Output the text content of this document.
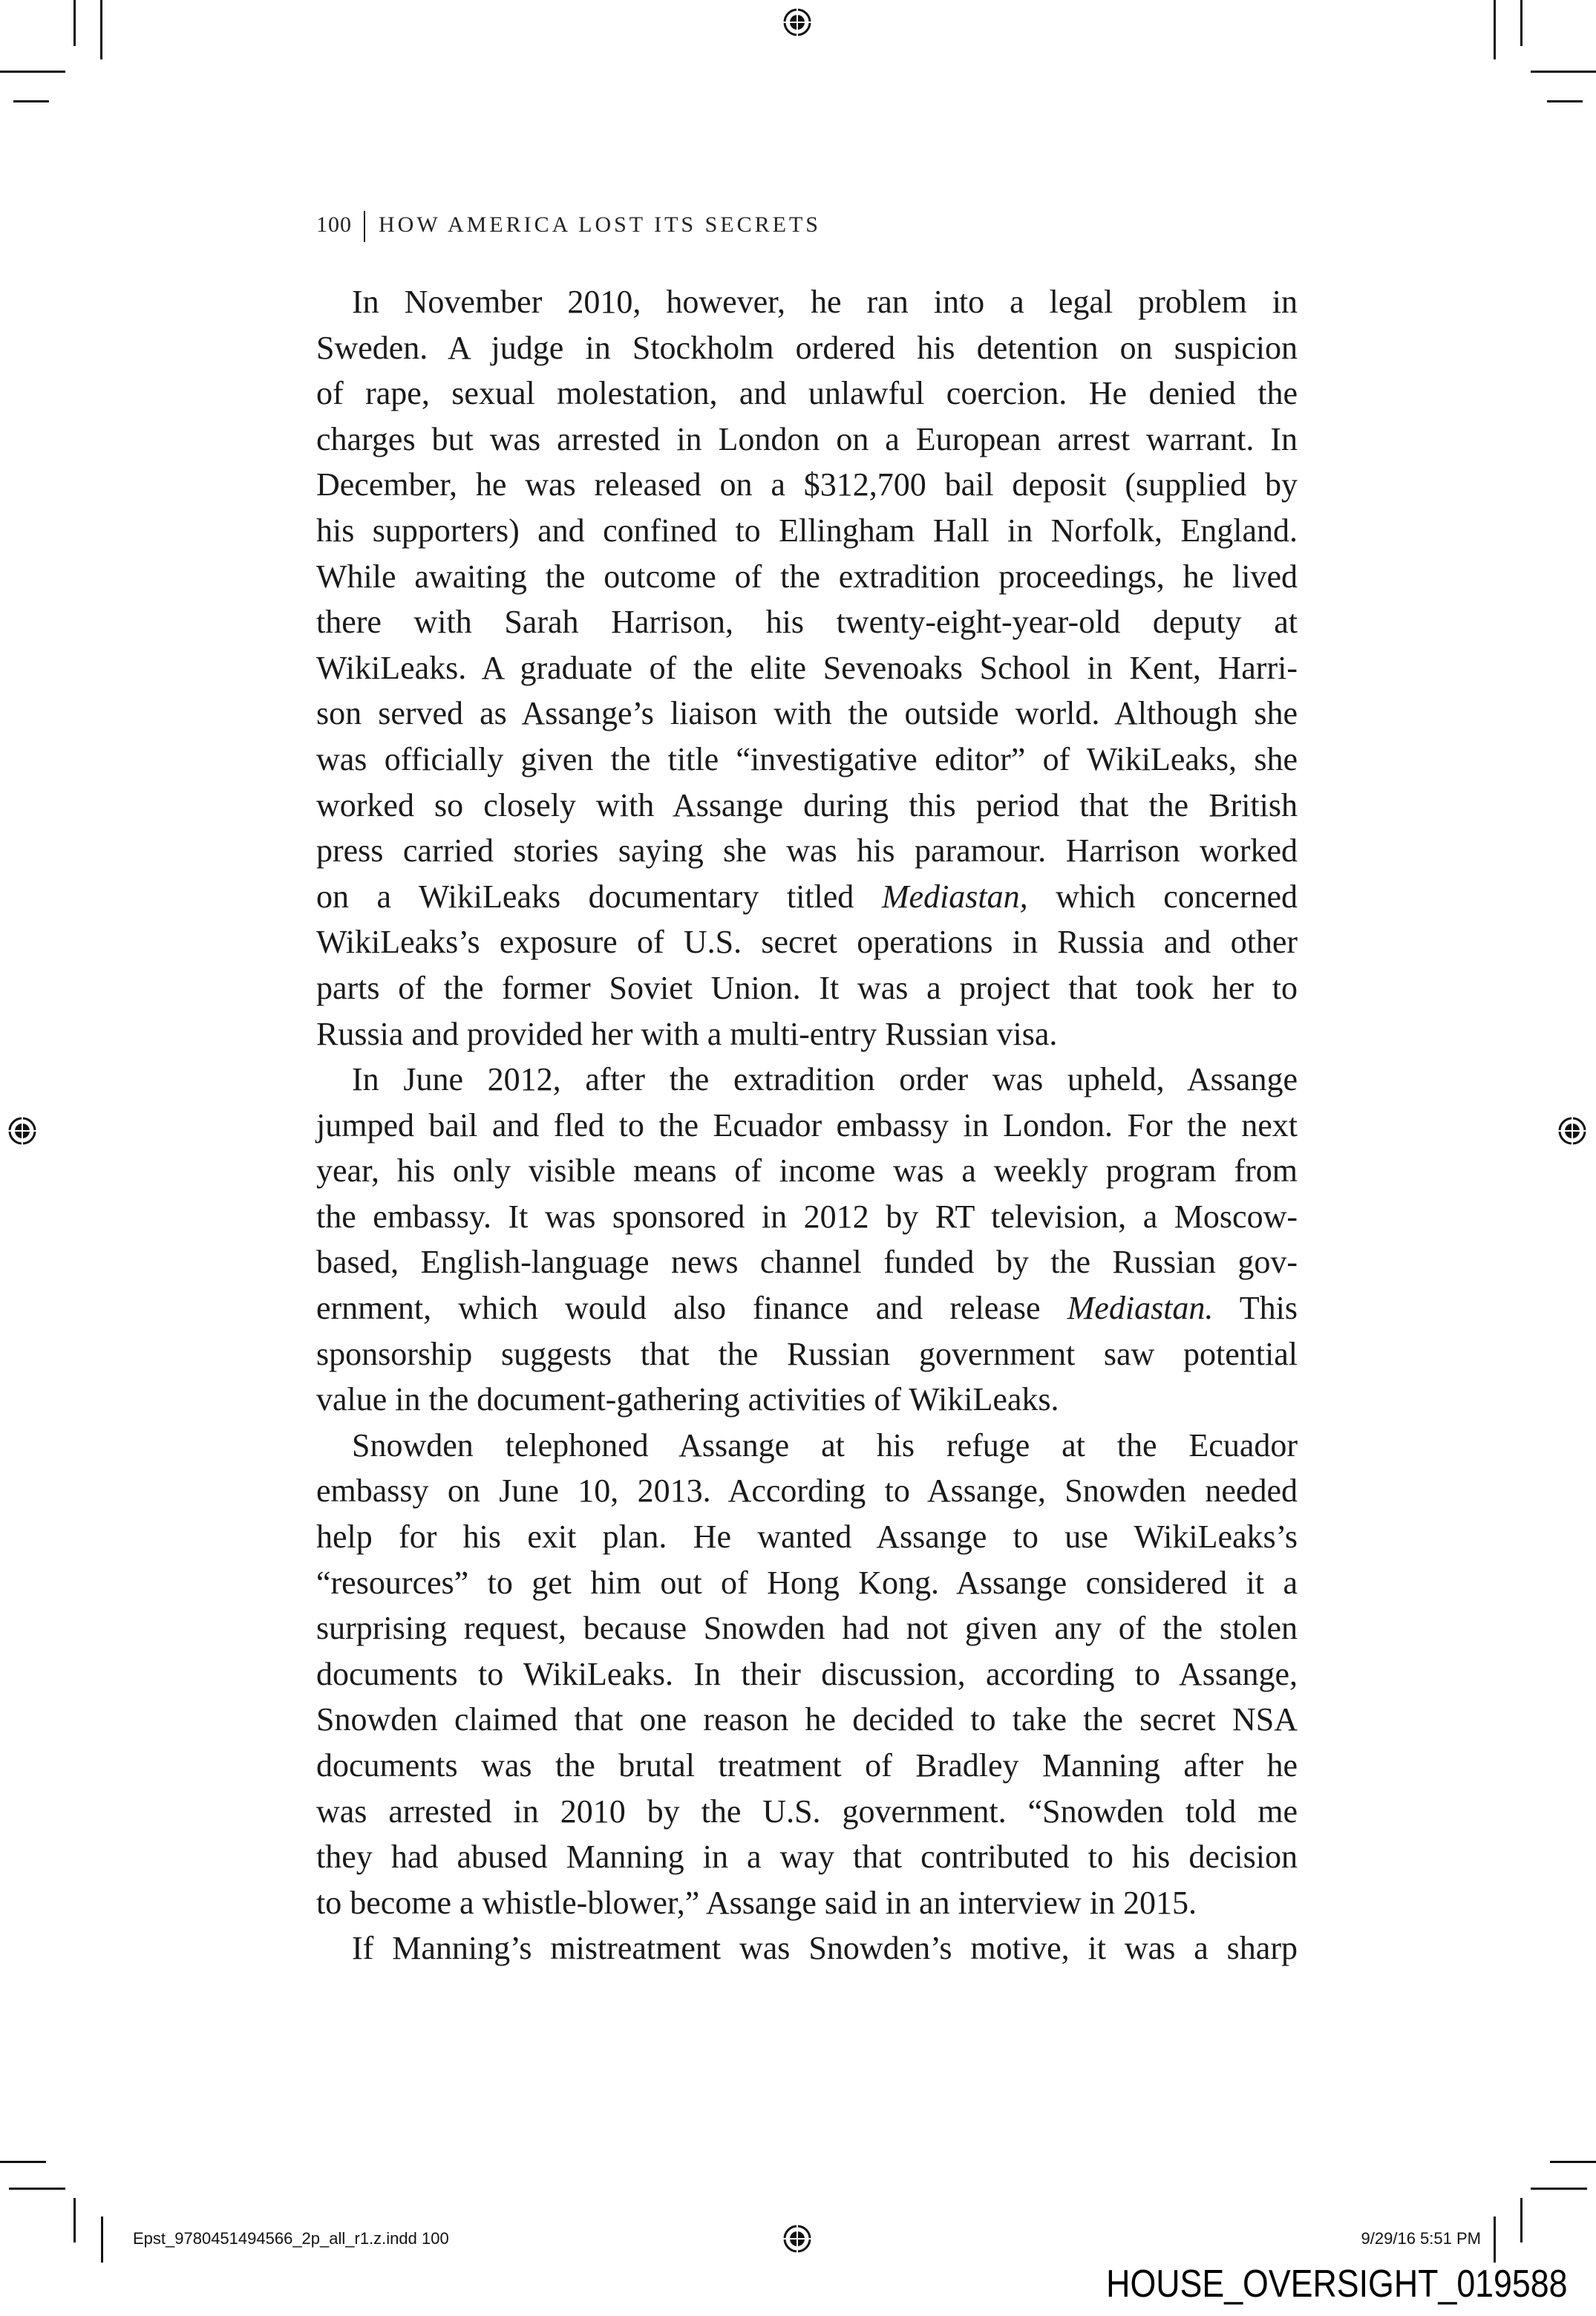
100 HOW AMERICA LOST ITS SECRETS
In November 2010, however, he ran into a legal problem in
Sweden. A judge in Stockholm ordered his detention on suspicion
of rape, sexual molestation, and unlawful coercion. He denied the
charges but was arrested in London on a European arrest warrant. In
December, he was released on a $312,700 bail deposit (supplied by
his supporters) and confined to Ellingham Hall in Norfolk, England.
While awaiting the outcome of the extradition proceedings, he lived
there with Sarah Harrison, his twenty-eight-year-old deputy at
WikiLeaks. A graduate of the elite Sevenoaks School in Kent, Harri-
son served as Assange’s liaison with the outside world. Although she
was officially given the title “investigative editor” of WikiLeaks, she
worked so closely with Assange during this period that the British
press carried stories saying she was his paramour. Harrison worked
on a WikiLeaks documentary titled Mediastan, which concerned
WikiLeaks’s exposure of U.S. secret operations in Russia and other
parts of the former Soviet Union. It was a project that took her to
Russia and provided her with a multi-entry Russian visa.
In June 2012, after the extradition order was upheld, Assange
jumped bail and fled to the Ecuador embassy in London. For the next
year, his only visible means of income was a weekly program from
the embassy. It was sponsored in 2012 by RT television, a Moscow-
based, English-language news channel funded by the Russian gov-
ernment, which would also finance and release Mediastan. This
sponsorship suggests that the Russian government saw potential
value in the document-gathering activities of WikiLeaks.
Snowden telephoned Assange at his refuge at the Ecuador
embassy on June 10, 2013. According to Assange, Snowden needed
help for his exit plan. He wanted Assange to use WikiLeaks’s
“resources” to get him out of Hong Kong. Assange considered it a
surprising request, because Snowden had not given any of the stolen
documents to WikiLeaks. In their discussion, according to Assange,
Snowden claimed that one reason he decided to take the secret NSA
documents was the brutal treatment of Bradley Manning after he
was arrested in 2010 by the U.S. government. “Snowden told me
they had abused Manning in a way that contributed to his decision
to become a whistle-blower,” Assange said in an interview in 2015.
If Manning’s mistreatment was Snowden’s motive, it was a sharp
Epst_9780451494566_2p_all_r1.z.indd 100	9/29/16 5:51 PM
HOUSE_OVERSIGHT_019588
